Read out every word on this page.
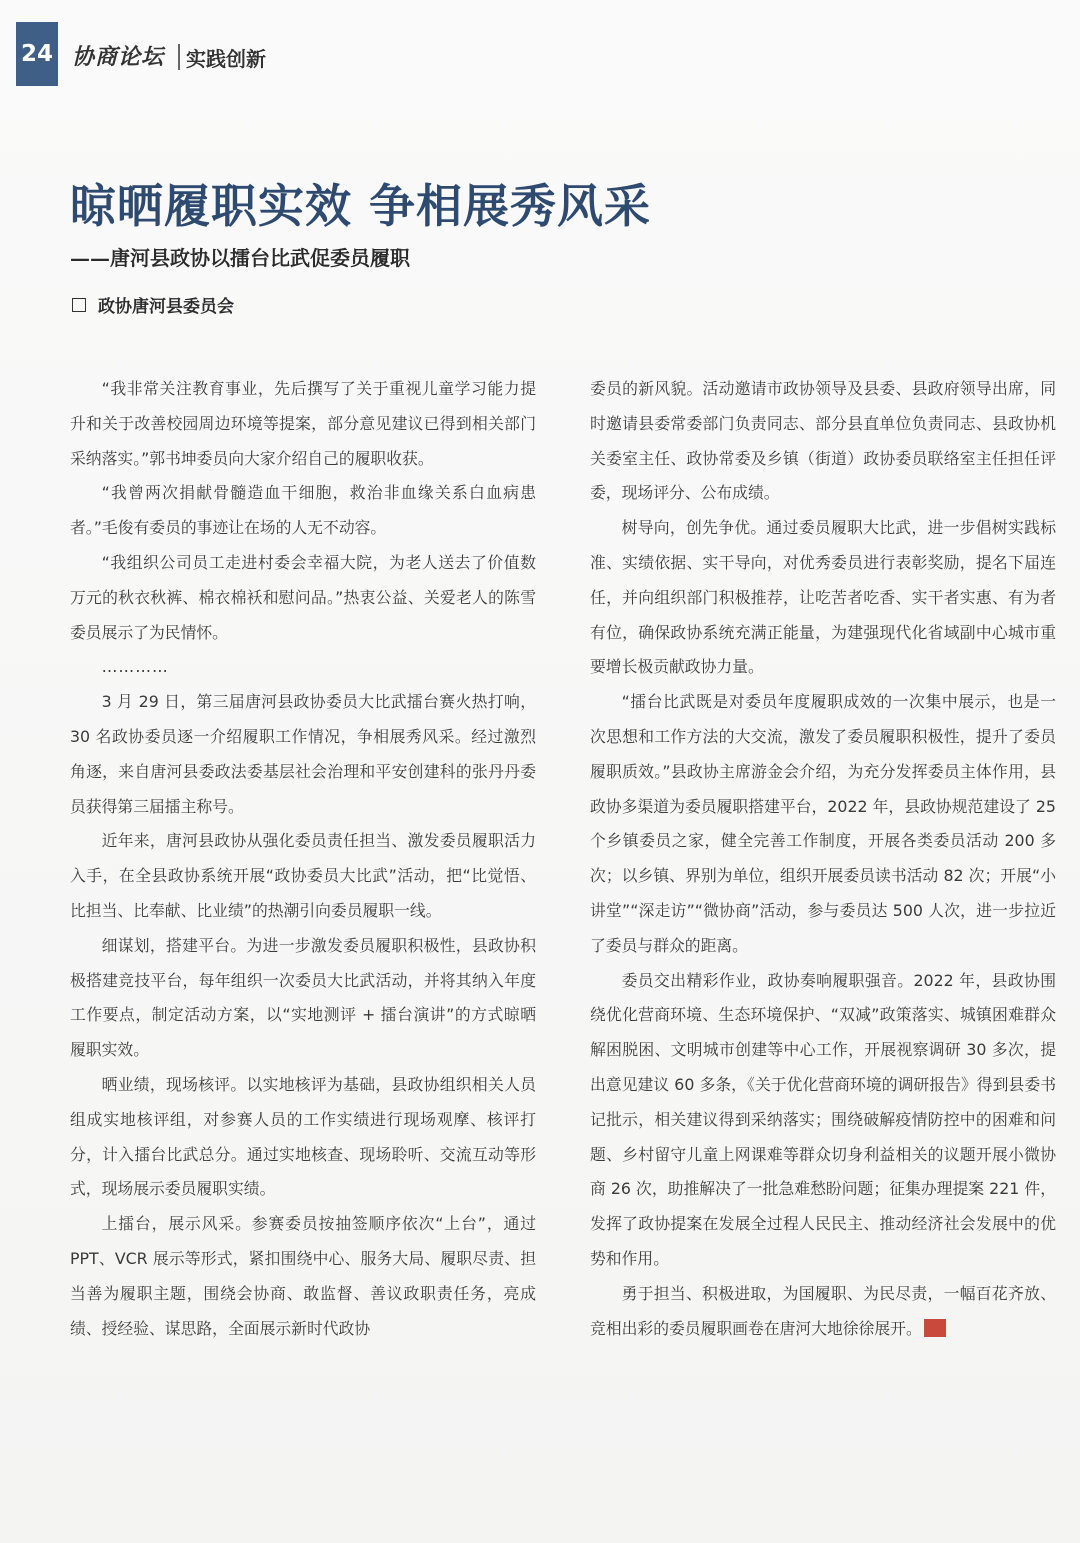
24 协商论坛 实践创新
晾晒履职实效 争相展秀风采
——唐河县政协以擂台比武促委员履职
政协唐河县委员会

“我非常关注教育事业，先后撰写了关于重视儿童学习能力提升和关于改善校园周边环境等提案，部分意见建议已得到相关部门采纳落实。”郭书坤委员向大家介绍自己的履职收获。

“我曾两次捐献骨髓造血干细胞，救治非血缘关系白血病患者。”毛俊有委员的事迹让在场的人无不动容。

“我组织公司员工走进村委会幸福大院，为老人送去了价值数万元的秋衣秋裤、棉衣棉袄和慰问品。”热衷公益、关爱老人的陈雪委员展示了为民情怀。

…………

3 月 29 日，第三届唐河县政协委员大比武擂台赛火热打响，30 名政协委员逐一介绍履职工作情况，争相展秀风采。经过激烈角逐，来自唐河县委政法委基层社会治理和平安创建科的张丹丹委员获得第三届擂主称号。

近年来，唐河县政协从强化委员责任担当、激发委员履职活力入手，在全县政协系统开展“政协委员大比武”活动，把“比觉悟、比担当、比奉献、比业绩”的热潮引向委员履职一线。

细谋划，搭建平台。为进一步激发委员履职积极性，县政协积极搭建竞技平台，每年组织一次委员大比武活动，并将其纳入年度工作要点，制定活动方案，以“实地测评 + 擂台演讲”的方式晾晒履职实效。

晒业绩，现场核评。以实地核评为基础，县政协组织相关人员组成实地核评组，对参赛人员的工作实绩进行现场观摩、核评打分，计入擂台比武总分。通过实地核查、现场聆听、交流互动等形式，现场展示委员履职实绩。

上擂台，展示风采。参赛委员按抽签顺序依次“上台”，通过 PPT、VCR 展示等形式，紧扣围绕中心、服务大局、履职尽责、担当善为履职主题，围绕会协商、敢监督、善议政职责任务，亮成绩、授经验、谋思路，全面展示新时代政协

委员的新风貌。活动邀请市政协领导及县委、县政府领导出席，同时邀请县委常委部门负责同志、部分县直单位负责同志、县政协机关委室主任、政协常委及乡镇（街道）政协委员联络室主任担任评委，现场评分、公布成绩。

树导向，创先争优。通过委员履职大比武，进一步倡树实践标准、实绩依据、实干导向，对优秀委员进行表彰奖励，提名下届连任，并向组织部门积极推荐，让吃苦者吃香、实干者实惠、有为者有位，确保政协系统充满正能量，为建强现代化省域副中心城市重要增长极贡献政协力量。

“擂台比武既是对委员年度履职成效的一次集中展示，也是一次思想和工作方法的大交流，激发了委员履职积极性，提升了委员履职质效。”县政协主席游金会介绍，为充分发挥委员主体作用，县政协多渠道为委员履职搭建平台，2022 年，县政协规范建设了 25 个乡镇委员之家，健全完善工作制度，开展各类委员活动 200 多次；以乡镇、界别为单位，组织开展委员读书活动 82 次；开展“小讲堂”“深走访”“微协商”活动，参与委员达 500 人次，进一步拉近了委员与群众的距离。

委员交出精彩作业，政协奏响履职强音。2022 年，县政协围绕优化营商环境、生态环境保护、“双减”政策落实、城镇困难群众解困脱困、文明城市创建等中心工作，开展视察调研 30 多次，提出意见建议 60 多条，《关于优化营商环境的调研报告》得到县委书记批示，相关建议得到采纳落实；围绕破解疫情防控中的困难和问题、乡村留守儿童上网课难等群众切身利益相关的议题开展小微协商 26 次，助推解决了一批急难愁盼问题；征集办理提案 221 件，发挥了政协提案在发展全过程人民民主、推动经济社会发展中的优势和作用。

勇于担当、积极进取，为国履职、为民尽责，一幅百花齐放、竞相出彩的委员履职画卷在唐河大地徐徐展开。
